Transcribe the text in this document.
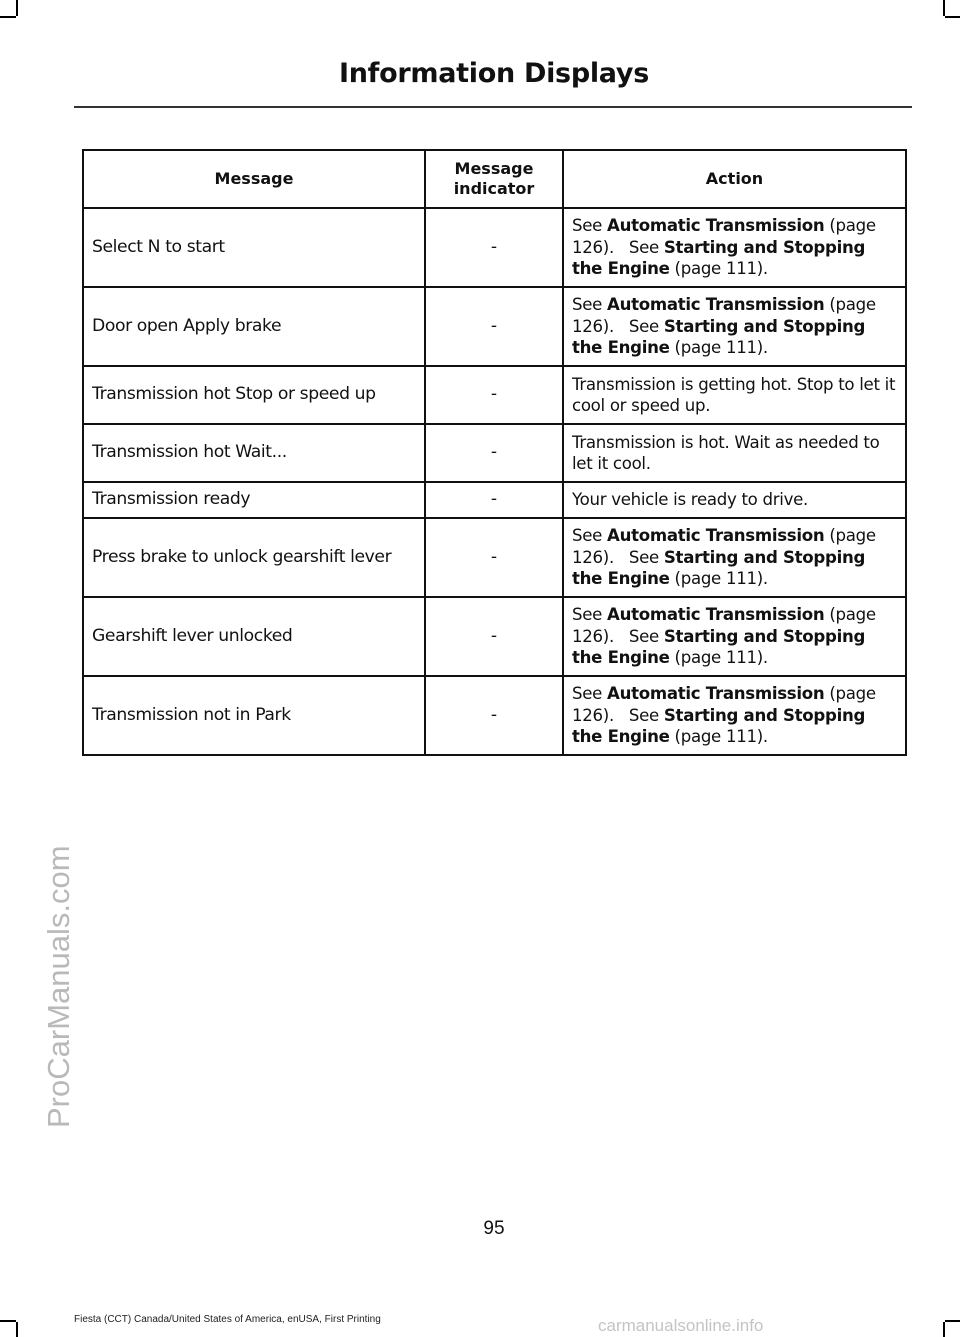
Information Displays
ProCarManuals.com
Message	Message indicator	Action
Select N to start	-	See Automatic Transmission (page 126). See Starting and Stopping the Engine (page 111).
Door open Apply brake	-	See Automatic Transmission (page 126). See Starting and Stopping the Engine (page 111).
Transmission hot Stop or speed up	-	Transmission is getting hot. Stop to let it cool or speed up.
Transmission hot Wait...	-	Transmission is hot. Wait as needed to let it cool.
Transmission ready	-	Your vehicle is ready to drive.
Press brake to unlock gearshift lever	-	See Automatic Transmission (page 126). See Starting and Stopping the Engine (page 111).
Gearshift lever unlocked	-	See Automatic Transmission (page 126). See Starting and Stopping the Engine (page 111).
Transmission not in Park	-	See Automatic Transmission (page 126). See Starting and Stopping the Engine (page 111).
95
Fiesta (CCT) Canada/United States of America, enUSA, First Printing	carmanualsonline.info
